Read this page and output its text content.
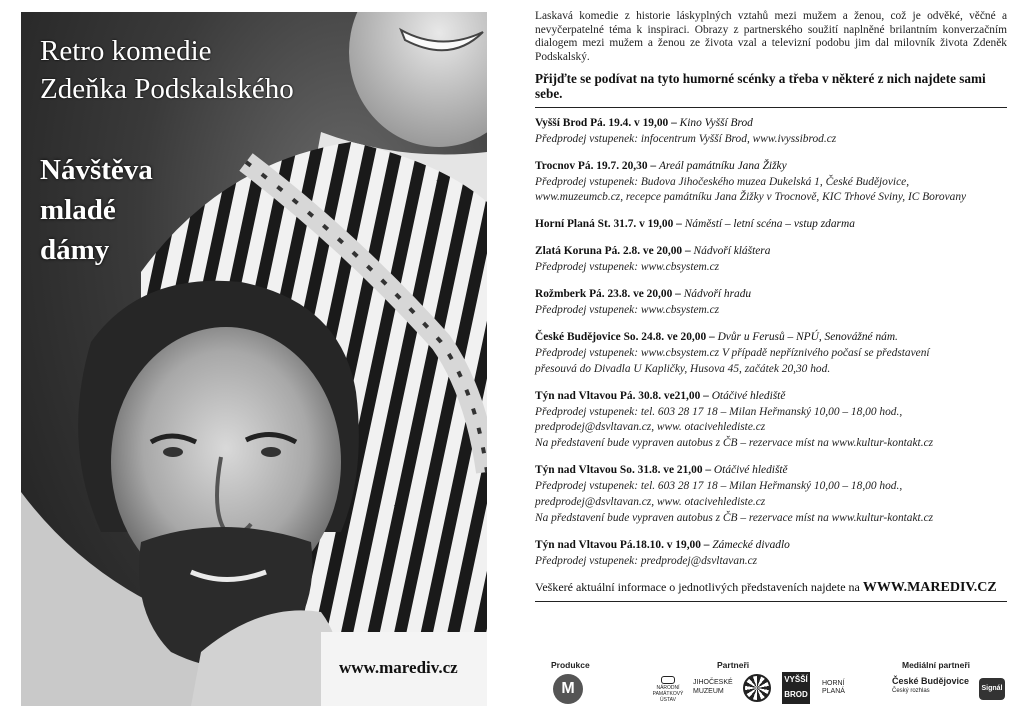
Retro komedie
Zdeňka Podskalského
Návštěva
mladé
dámy
www.marediv.cz

Laskavá komedie z historie láskyplných vztahů mezi mužem a ženou, což je odvěké, věčné a nevyčerpatelné téma k inspiraci. Obrazy z partnerského soužití naplněné brilantním konverzačním dialogem mezi mužem a ženou ze života vzal a televizní podobu jim dal milovník života Zdeněk Podskalský.

Přijďte se podívat na tyto humorné scénky a třeba v některé z nich najdete sami sebe.

Vyšší Brod Pá. 19.4. v 19,00 – Kino Vyšší Brod
Předprodej vstupenek: infocentrum Vyšší Brod, www.ivyssibrod.cz
Trocnov Pá. 19.7. 20,30 – Areál památníku Jana Žižky
Předprodej vstupenek: Budova Jihočeského muzea Dukelská 1, České Budějovice,
www.muzeumcb.cz, recepce památníku Jana Žižky v Trocnově, KIC Trhové Sviny, IC Borovany
Horní Planá St. 31.7. v 19,00 – Náměstí – letní scéna – vstup zdarma
Zlatá Koruna Pá. 2.8. ve 20,00 – Nádvoří kláštera
Předprodej vstupenek: www.cbsystem.cz
Rožmberk Pá. 23.8. ve 20,00 – Nádvoří hradu
Předprodej vstupenek: www.cbsystem.cz
České Budějovice So. 24.8. ve 20,00 – Dvůr u Ferusů – NPÚ, Senovážné nám.
Předprodej vstupenek: www.cbsystem.cz V případě nepříznivého počasí se představení
přesouvá do Divadla U Kapličky, Husova 45, začátek 20,30 hod.
Týn nad Vltavou Pá. 30.8. ve21,00 – Otáčivé hlediště
Předprodej vstupenek: tel. 603 28 17 18 – Milan Heřmanský 10,00 – 18,00 hod.,
predprodej@dsvltavan.cz, www. otacivehlediste.cz
Na představení bude vypraven autobus z ČB – rezervace míst na www.kultur-kontakt.cz
Týn nad Vltavou So. 31.8. ve 21,00 – Otáčivé hlediště
Předprodej vstupenek: tel. 603 28 17 18 – Milan Heřmanský 10,00 – 18,00 hod.,
predprodej@dsvltavan.cz, www. otacivehlediste.cz
Na představení bude vypraven autobus z ČB – rezervace míst na www.kultur-kontakt.cz
Týn nad Vltavou Pá.18.10. v 19,00 – Zámecké divadlo
Předprodej vstupenek: predprodej@dsvltavan.cz

Veškeré aktuální informace o jednotlivých představeních najdete na WWW.MAREDIV.CZ

Produkce	Partneři	Mediální partneři
M	NÁRODNÍ PAMÁTKOVÝ ÚSTAV
JIHOČESKÉ
MUZEUM
VYŠŠÍ BROD
HORNÍ PLANÁ
České Budějovice
Český rozhlas	Signál
